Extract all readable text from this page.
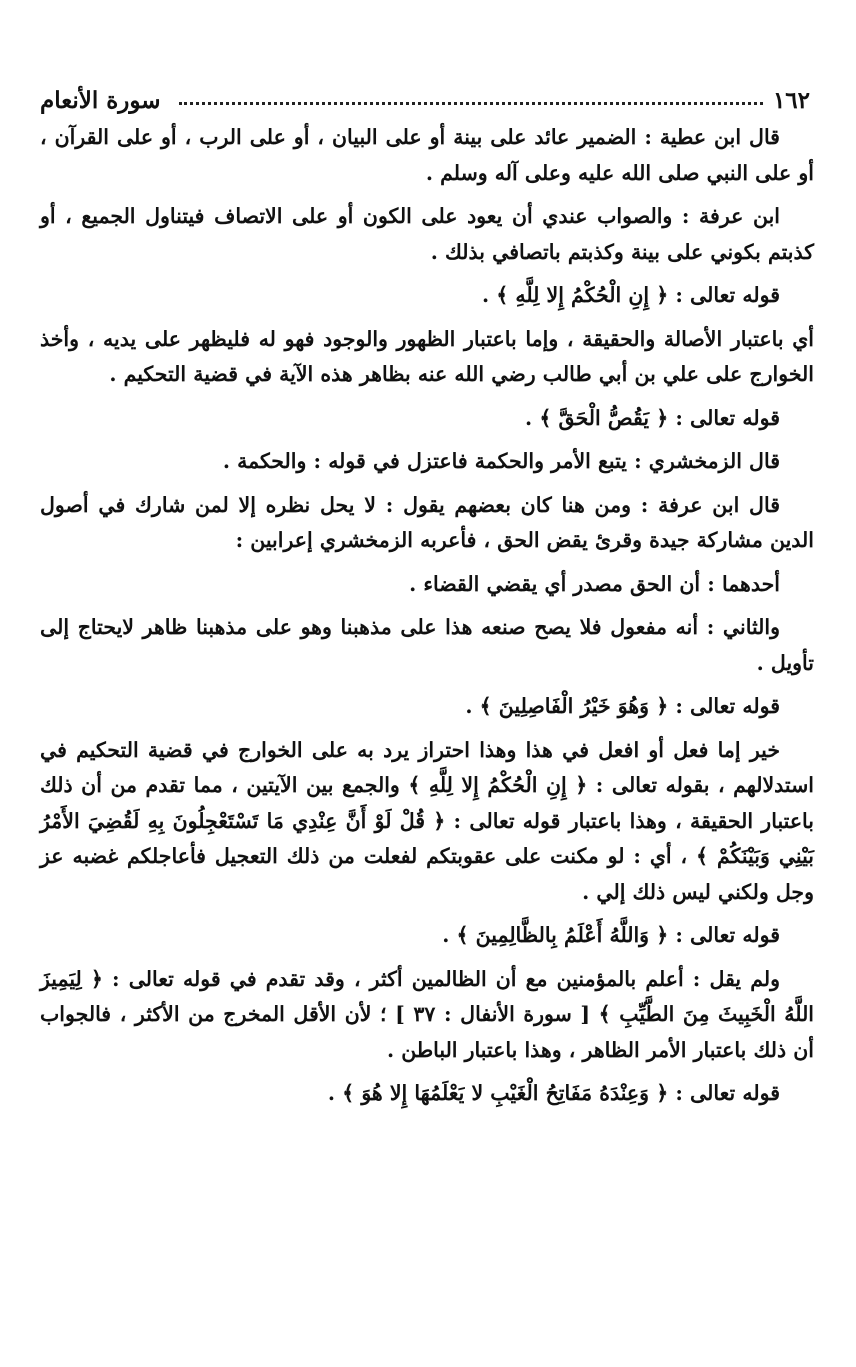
١٦٢
سورة الأنعام

قال ابن عطية : الضمير عائد على بينة أو على البيان ، أو على الرب ، أو على القرآن ، أو على النبي صلى الله عليه وعلى آله وسلم .

ابن عرفة : والصواب عندي أن يعود على الكون أو على الاتصاف فيتناول الجميع ، أو كذبتم بكوني على بينة وكذبتم باتصافي بذلك .

قوله تعالى : ﴿ إِنِ الْحُكْمُ إِلا لِلَّهِ ﴾ .

أي باعتبار الأصالة والحقيقة ، وإما باعتبار الظهور والوجود فهو له فليظهر على يديه ، وأخذ الخوارج على علي بن أبي طالب رضي الله عنه بظاهر هذه الآية في قضية التحكيم .

قوله تعالى : ﴿ يَقُصُّ الْحَقَّ ﴾ .

قال الزمخشري : يتبع الأمر والحكمة فاعتزل في قوله : والحكمة .

قال ابن عرفة : ومن هنا كان بعضهم يقول : لا يحل نظره إلا لمن شارك في أصول الدين مشاركة جيدة وقرئ يقض الحق ، فأعربه الزمخشري إعرابين :

أحدهما : أن الحق مصدر أي يقضي القضاء .

والثاني : أنه مفعول فلا يصح صنعه هذا على مذهبنا وهو على مذهبنا ظاهر لايحتاج إلى تأويل .

قوله تعالى : ﴿ وَهُوَ خَيْرُ الْفَاصِلِينَ ﴾ .

خير إما فعل أو افعل في هذا وهذا احتراز يرد به على الخوارج في قضية التحكيم في استدلالهم ، بقوله تعالى : ﴿ إِنِ الْحُكْمُ إِلا لِلَّهِ ﴾ والجمع بين الآيتين ، مما تقدم من أن ذلك باعتبار الحقيقة ، وهذا باعتبار قوله تعالى : ﴿ قُلْ لَوْ أَنَّ عِنْدِي مَا تَسْتَعْجِلُونَ بِهِ لَقُضِيَ الأَمْرُ بَيْنِي وَبَيْنَكُمْ ﴾ ، أي : لو مكنت على عقوبتكم لفعلت من ذلك التعجيل فأعاجلكم غضبه عز وجل ولكني ليس ذلك إلي .

قوله تعالى : ﴿ وَاللَّهُ أَعْلَمُ بِالظَّالِمِينَ ﴾ .

ولم يقل : أعلم بالمؤمنين مع أن الظالمين أكثر ، وقد تقدم في قوله تعالى : ﴿ لِيَمِيزَ اللَّهُ الْخَبِيثَ مِنَ الطَّيِّبِ ﴾ [ سورة الأنفال : ٣٧ ] ؛ لأن الأقل المخرج من الأكثر ، فالجواب أن ذلك باعتبار الأمر الظاهر ، وهذا باعتبار الباطن .

قوله تعالى : ﴿ وَعِنْدَهُ مَفَاتِحُ الْغَيْبِ لا يَعْلَمُهَا إِلا هُوَ ﴾ .
